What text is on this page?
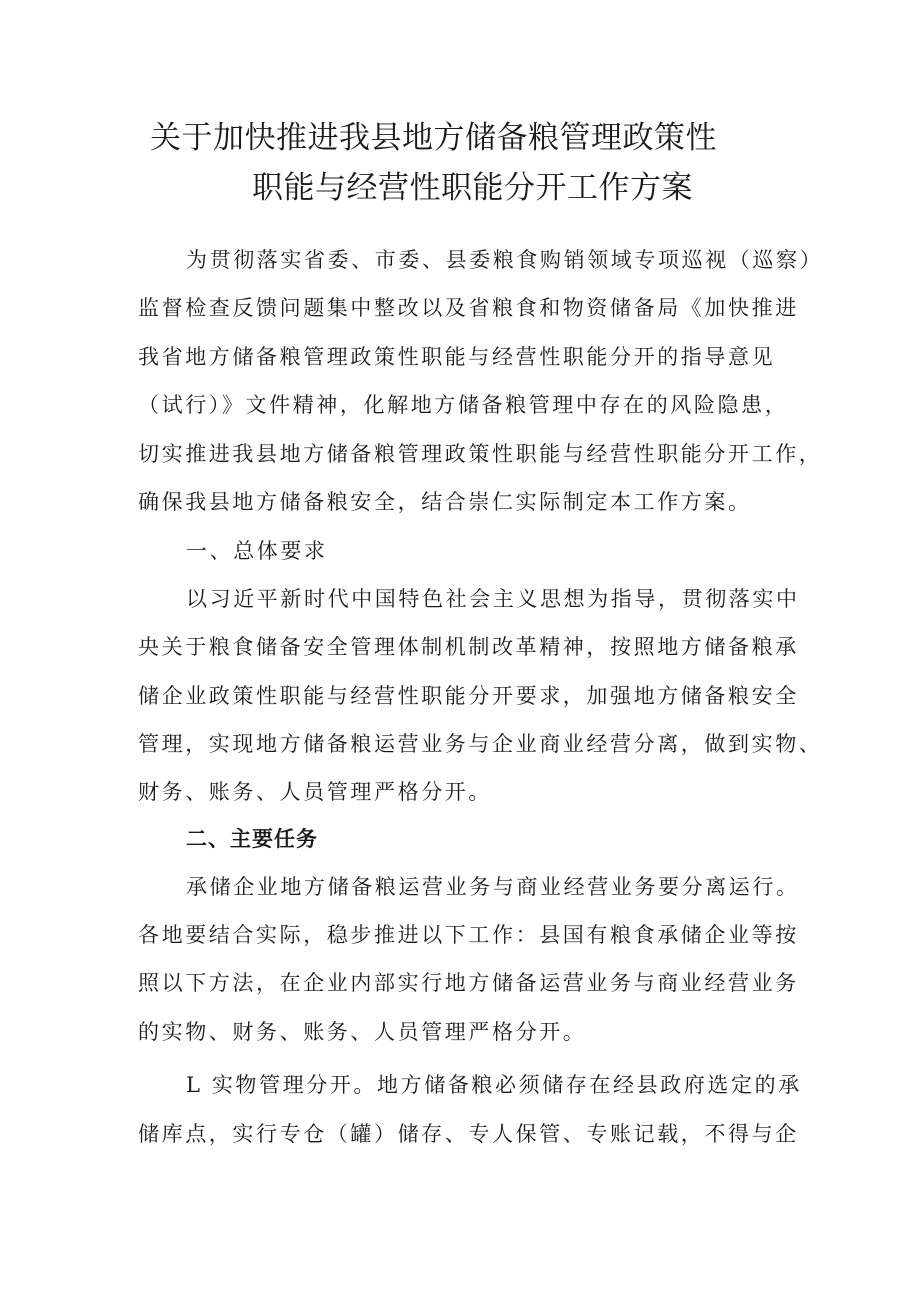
关于加快推进我县地方储备粮管理政策性
职能与经营性职能分开工作方案
为贯彻落实省委、市委、县委粮食购销领域专项巡视（巡察）
监督检查反馈问题集中整改以及省粮食和物资储备局《加快推进
我省地方储备粮管理政策性职能与经营性职能分开的指导意见
（试行）》文件精神，化解地方储备粮管理中存在的风险隐患，
切实推进我县地方储备粮管理政策性职能与经营性职能分开工作，
确保我县地方储备粮安全，结合崇仁实际制定本工作方案。
一、总体要求
以习近平新时代中国特色社会主义思想为指导，贯彻落实中
央关于粮食储备安全管理体制机制改革精神，按照地方储备粮承
储企业政策性职能与经营性职能分开要求，加强地方储备粮安全
管理，实现地方储备粮运营业务与企业商业经营分离，做到实物、
财务、账务、人员管理严格分开。
二、主要任务
承储企业地方储备粮运营业务与商业经营业务要分离运行。
各地要结合实际，稳步推进以下工作：县国有粮食承储企业等按
照以下方法，在企业内部实行地方储备运营业务与商业经营业务
的实物、财务、账务、人员管理严格分开。
L 实物管理分开。地方储备粮必须储存在经县政府选定的承
储库点，实行专仓（罐）储存、专人保管、专账记载，不得与企
